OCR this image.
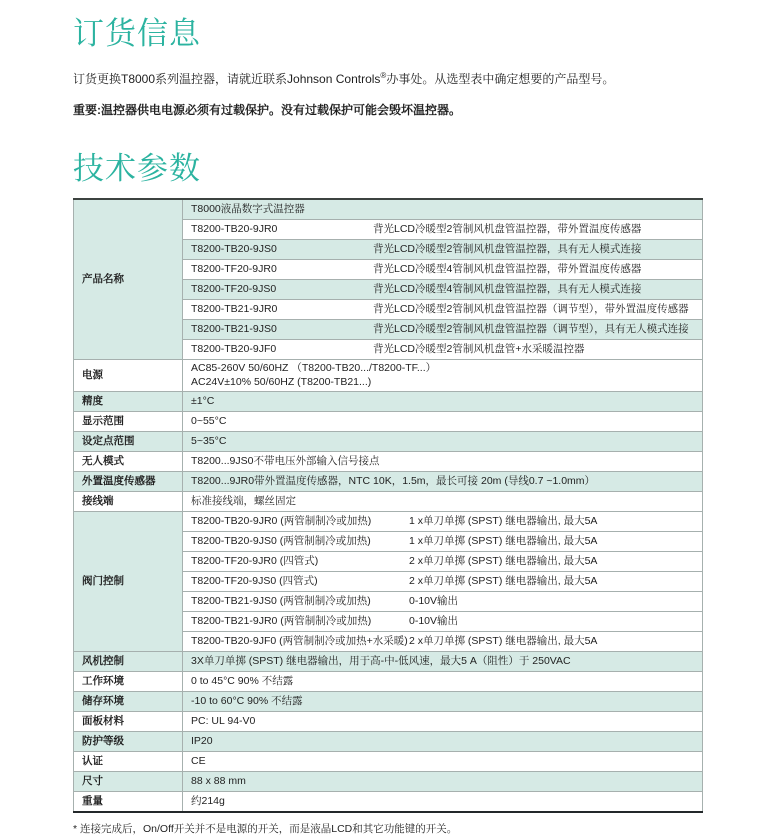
订货信息

订货更换T8000系列温控器，请就近联系Johnson Controls®办事处。从选型表中确定想要的产品型号。

重要:温控器供电电源必须有过载保护。没有过载保护可能会毁坏温控器。

技术参数
产品名称	T8000液晶数字式温控器
	T8200-TB20-9JR0 背光LCD冷暖型2管制风机盘管温控器，带外置温度传感器
	T8200-TB20-9JS0 背光LCD冷暖型2管制风机盘管温控器，具有无人模式连接
	T8200-TF20-9JR0 背光LCD冷暖型4管制风机盘管温控器，带外置温度传感器
	T8200-TF20-9JS0 背光LCD冷暖型4管制风机盘管温控器，具有无人模式连接
	T8200-TB21-9JR0 背光LCD冷暖型2管制风机盘管温控器（调节型），带外置温度传感器
	T8200-TB21-9JS0 背光LCD冷暖型2管制风机盘管温控器（调节型），具有无人模式连接
	T8200-TB20-9JF0 背光LCD冷暖型2管制风机盘管+水采暖温控器
电源	AC85-260V 50/60HZ （T8200-TB20.../T8200-TF...）
AC24V±10% 50/60HZ (T8200-TB21...)

精度	±1°C
显示范围	0~55°C
设定点范围	5~35°C
无人模式	T8200...9JS0不带电压外部输入信号接点
外置温度传感器	T8200...9JR0带外置温度传感器，NTC 10K，1.5m，最长可接 20m (导线0.7 ~1.0mm）
接线端	标准接线端，螺丝固定
阀门控制	T8200-TB20-9JR0 (两管制制冷或加热) 1 x单刀单掷 (SPST) 继电器输出, 最大5A
	T8200-TB20-9JS0 (两管制制冷或加热) 1 x单刀单掷 (SPST) 继电器输出, 最大5A
	T8200-TF20-9JR0 (四管式) 2 x单刀单掷 (SPST) 继电器输出, 最大5A
	T8200-TF20-9JS0 (四管式) 2 x单刀单掷 (SPST) 继电器输出, 最大5A
	T8200-TB21-9JS0 (两管制制冷或加热) 0-10V输出
	T8200-TB21-9JR0 (两管制制冷或加热) 0-10V输出
	T8200-TB20-9JF0 (两管制制冷或加热+水采暖)2 x单刀单掷 (SPST) 继电器输出, 最大5A
风机控制	3X单刀单掷 (SPST) 继电器输出，用于高-中-低风速，最大5 A（阻性）于 250VAC
工作环境	0 to 45°C 90% 不结露
储存环境	-10 to 60°C 90% 不结露
面板材料	PC: UL 94-V0
防护等级	IP20
认证	CE
尺寸	88 x 88 mm
重量	约214g

* 连接完成后，On/Off开关并不是电源的开关，而是液晶LCD和其它功能键的开关。
